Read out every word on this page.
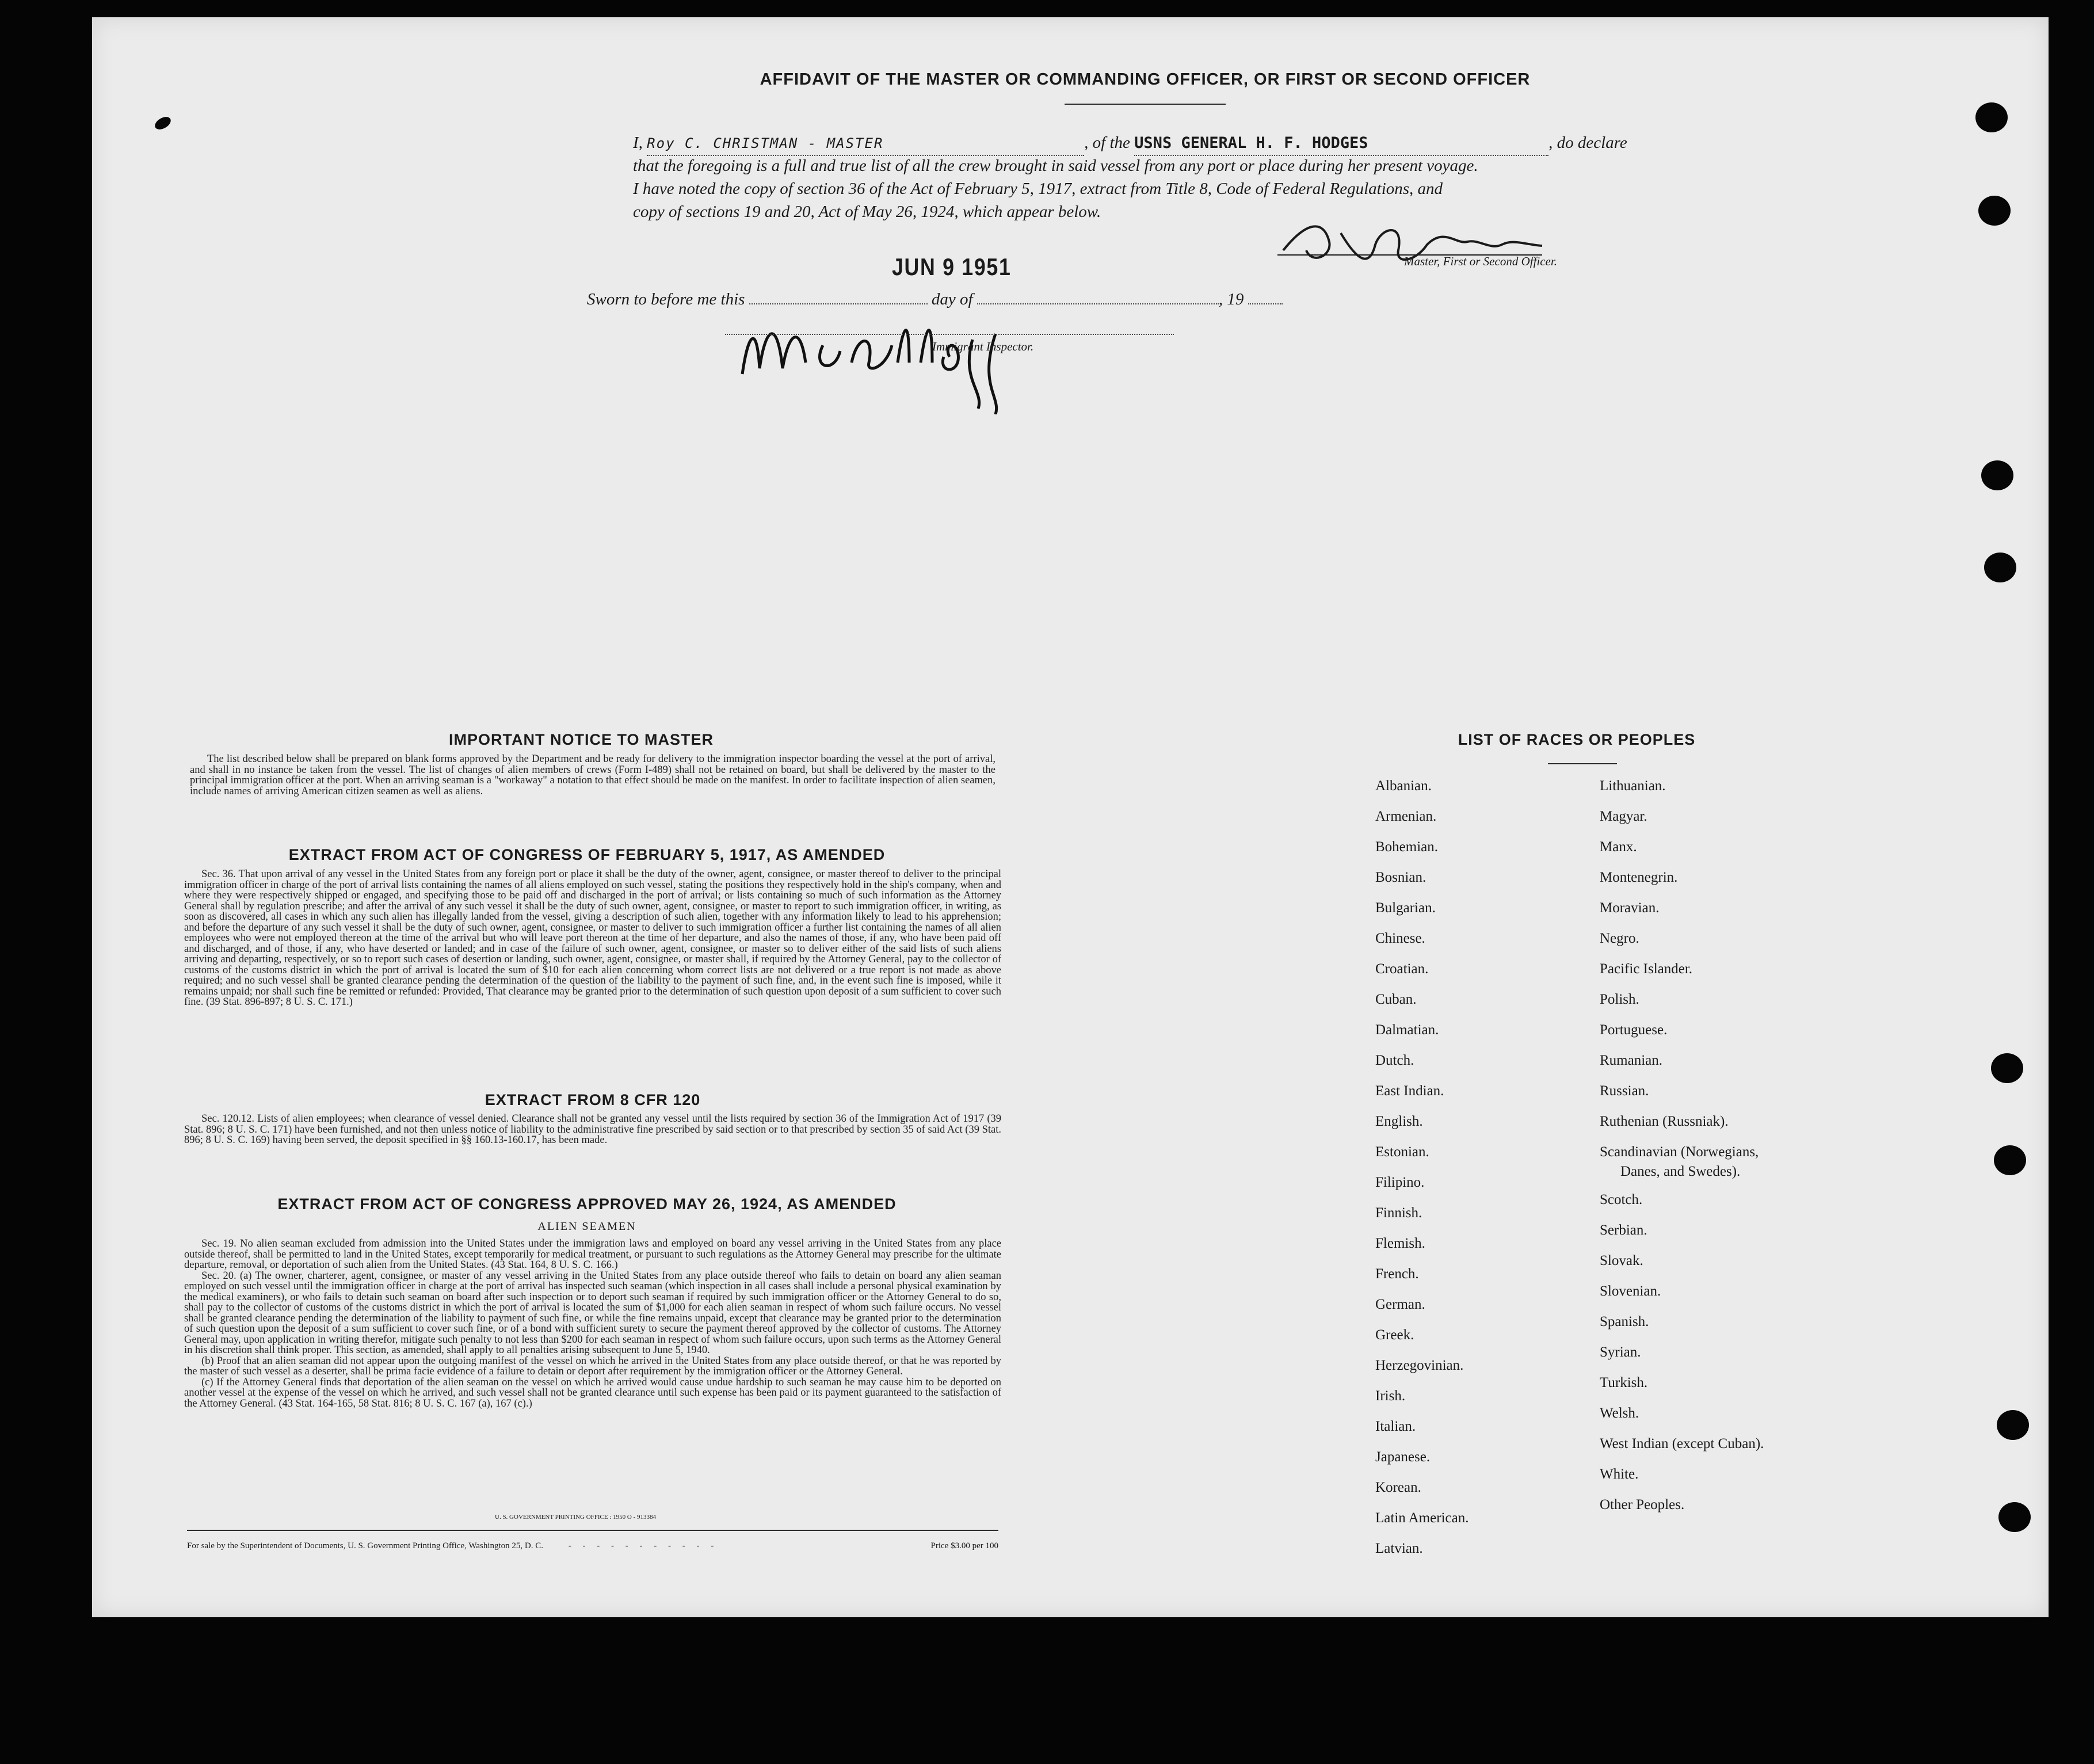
AFFIDAVIT OF THE MASTER OR COMMANDING OFFICER, OR FIRST OR SECOND OFFICER
I, Roy C. CHRISTMAN - MASTER	, of the USNS GENERAL H. F. HODGES	, do declare
that the foregoing is a full and true list of all the crew brought in said vessel from any port or place during her present voyage.
I have noted the copy of section 36 of the Act of February 5, 1917, extract from Title 8, Code of Federal Regulations, and
copy of sections 19 and 20, Act of May 26, 1924, which appear below.
Master, First or Second Officer.
JUN 9 1951
Sworn to before me this	day of	, 19
Immigrant Inspector.
IMPORTANT NOTICE TO MASTER

The list described below shall be prepared on blank forms approved by the Department and be ready for delivery to the immigration inspector boarding the vessel at the port of arrival, and shall in no instance be taken from the vessel. The list of changes of alien members of crews (Form I-489) shall not be retained on board, but shall be delivered by the master to the principal immigration officer at the port. When an arriving seaman is a "workaway" a notation to that effect should be made on the manifest. In order to facilitate inspection of alien seamen, include names of arriving American citizen seamen as well as aliens.

EXTRACT FROM ACT OF CONGRESS OF FEBRUARY 5, 1917, AS AMENDED

Sec. 36. That upon arrival of any vessel in the United States from any foreign port or place it shall be the duty of the owner, agent, consignee, or master thereof to deliver to the principal immigration officer in charge of the port of arrival lists containing the names of all aliens employed on such vessel, stating the positions they respectively hold in the ship's company, when and where they were respectively shipped or engaged, and specifying those to be paid off and discharged in the port of arrival; or lists containing so much of such information as the Attorney General shall by regulation prescribe; and after the arrival of any such vessel it shall be the duty of such owner, agent, consignee, or master to report to such immigration officer, in writing, as soon as discovered, all cases in which any such alien has illegally landed from the vessel, giving a description of such alien, together with any information likely to lead to his apprehension; and before the departure of any such vessel it shall be the duty of such owner, agent, consignee, or master to deliver to such immigration officer a further list containing the names of all alien employees who were not employed thereon at the time of the arrival but who will leave port thereon at the time of her departure, and also the names of those, if any, who have been paid off and discharged, and of those, if any, who have deserted or landed; and in case of the failure of such owner, agent, consignee, or master so to deliver either of the said lists of such aliens arriving and departing, respectively, or so to report such cases of desertion or landing, such owner, agent, consignee, or master shall, if required by the Attorney General, pay to the collector of customs of the customs district in which the port of arrival is located the sum of $10 for each alien concerning whom correct lists are not delivered or a true report is not made as above required; and no such vessel shall be granted clearance pending the determination of the question of the liability to the payment of such fine, and, in the event such fine is imposed, while it remains unpaid; nor shall such fine be remitted or refunded: Provided, That clearance may be granted prior to the determination of such question upon deposit of a sum sufficient to cover such fine. (39 Stat. 896-897; 8 U. S. C. 171.)

EXTRACT FROM 8 CFR 120

Sec. 120.12. Lists of alien employees; when clearance of vessel denied. Clearance shall not be granted any vessel until the lists required by section 36 of the Immigration Act of 1917 (39 Stat. 896; 8 U. S. C. 171) have been furnished, and not then unless notice of liability to the administrative fine prescribed by said section or to that prescribed by section 35 of said Act (39 Stat. 896; 8 U. S. C. 169) having been served, the deposit specified in §§ 160.13-160.17, has been made.

EXTRACT FROM ACT OF CONGRESS APPROVED MAY 26, 1924, AS AMENDED
ALIEN SEAMEN

Sec. 19. No alien seaman excluded from admission into the United States under the immigration laws and employed on board any vessel arriving in the United States from any place outside thereof, shall be permitted to land in the United States, except temporarily for medical treatment, or pursuant to such regulations as the Attorney General may prescribe for the ultimate departure, removal, or deportation of such alien from the United States. (43 Stat. 164, 8 U. S. C. 166.)

Sec. 20. (a) The owner, charterer, agent, consignee, or master of any vessel arriving in the United States from any place outside thereof who fails to detain on board any alien seaman employed on such vessel until the immigration officer in charge at the port of arrival has inspected such seaman (which inspection in all cases shall include a personal physical examination by the medical examiners), or who fails to detain such seaman on board after such inspection or to deport such seaman if required by such immigration officer or the Attorney General to do so, shall pay to the collector of customs of the customs district in which the port of arrival is located the sum of $1,000 for each alien seaman in respect of whom such failure occurs. No vessel shall be granted clearance pending the determination of the liability to payment of such fine, or while the fine remains unpaid, except that clearance may be granted prior to the determination of such question upon the deposit of a sum sufficient to cover such fine, or of a bond with sufficient surety to secure the payment thereof approved by the collector of customs. The Attorney General may, upon application in writing therefor, mitigate such penalty to not less than $200 for each seaman in respect of whom such failure occurs, upon such terms as the Attorney General in his discretion shall think proper. This section, as amended, shall apply to all penalties arising subsequent to June 5, 1940.

(b) Proof that an alien seaman did not appear upon the outgoing manifest of the vessel on which he arrived in the United States from any place outside thereof, or that he was reported by the master of such vessel as a deserter, shall be prima facie evidence of a failure to detain or deport after requirement by the immigration officer or the Attorney General.

(c) If the Attorney General finds that deportation of the alien seaman on the vessel on which he arrived would cause undue hardship to such seaman he may cause him to be deported on another vessel at the expense of the vessel on which he arrived, and such vessel shall not be granted clearance until such expense has been paid or its payment guaranteed to the satisfaction of the Attorney General. (43 Stat. 164-165, 58 Stat. 816; 8 U. S. C. 167 (a), 167 (c).)

U. S. GOVERNMENT PRINTING OFFICE : 1950 O - 913384
For sale by the Superintendent of Documents, U. S. Government Printing Office, Washington 25, D. C.	- - - - - - - - - - -	Price $3.00 per 100
LIST OF RACES OR PEOPLES
Albanian.
Armenian.
Bohemian.
Bosnian.
Bulgarian.
Chinese.
Croatian.
Cuban.
Dalmatian.
Dutch.
East Indian.
English.
Estonian.
Filipino.
Finnish.
Flemish.
French.
German.
Greek.
Herzegovinian.
Irish.
Italian.
Japanese.
Korean.
Latin American.
Latvian.
Lithuanian.
Magyar.
Manx.
Montenegrin.
Moravian.
Negro.
Pacific Islander.
Polish.
Portuguese.
Rumanian.
Russian.
Ruthenian (Russniak).
Scandinavian (Norwegians,
Danes, and Swedes).
Scotch.
Serbian.
Slovak.
Slovenian.
Spanish.
Syrian.
Turkish.
Welsh.
West Indian (except Cuban).
White.
Other Peoples.
